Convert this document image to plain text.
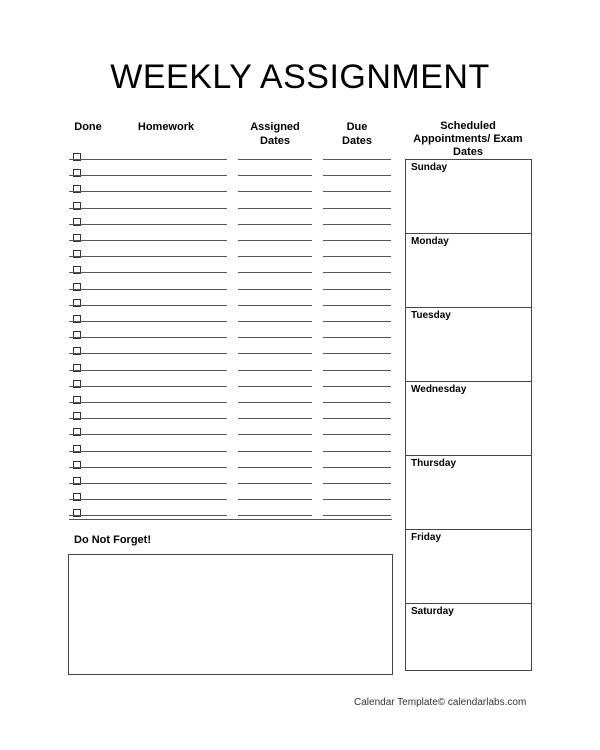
WEEKLY ASSIGNMENT
Done	Homework	Assigned
Dates
Due
Dates
Scheduled
Appointments/ Exam
Dates
Do Not Forget!
Sunday
Monday
Tuesday
Wednesday
Thursday
Friday
Saturday
Calendar Template© calendarlabs.com
